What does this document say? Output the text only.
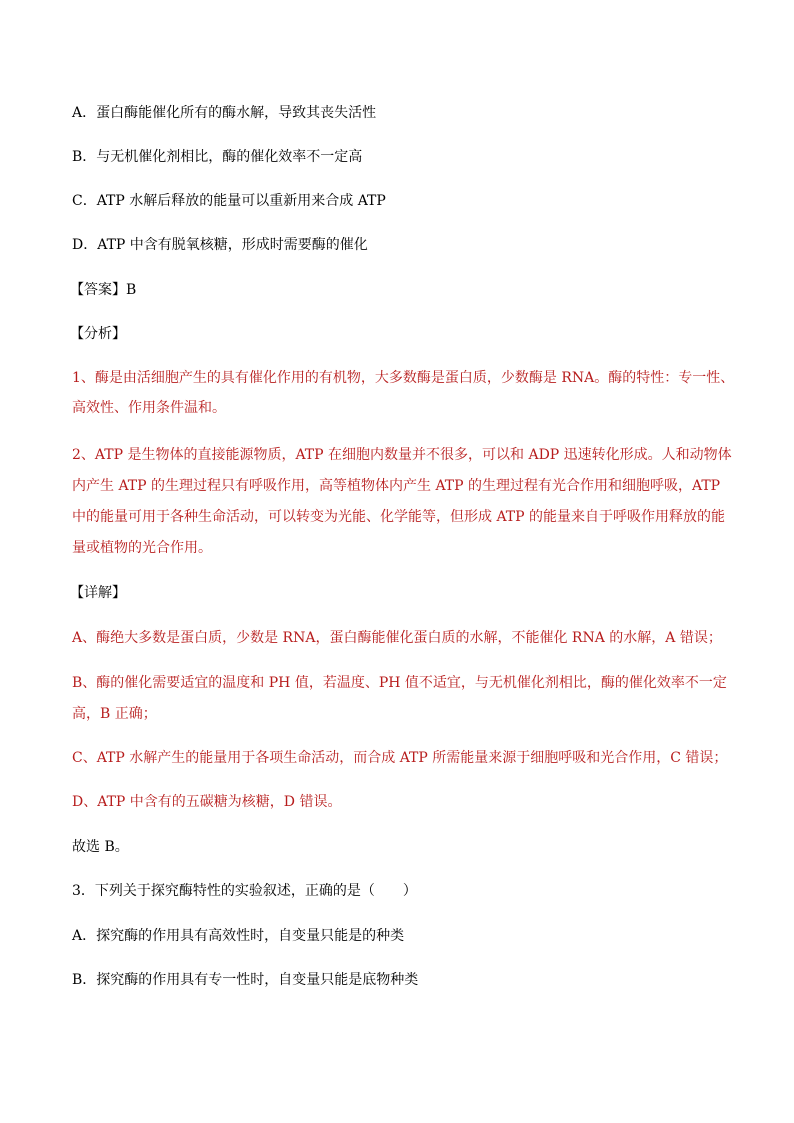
A．蛋白酶能催化所有的酶水解，导致其丧失活性
B．与无机催化剂相比，酶的催化效率不一定高
C．ATP 水解后释放的能量可以重新用来合成 ATP
D．ATP 中含有脱氧核糖，形成时需要酶的催化
【答案】B
【分析】
1、酶是由活细胞产生的具有催化作用的有机物，大多数酶是蛋白质，少数酶是 RNA。酶的特性：专一性、
高效性、作用条件温和。
2、ATP 是生物体的直接能源物质，ATP 在细胞内数量并不很多，可以和 ADP 迅速转化形成。人和动物体
内产生 ATP 的生理过程只有呼吸作用，高等植物体内产生 ATP 的生理过程有光合作用和细胞呼吸，ATP
中的能量可用于各种生命活动，可以转变为光能、化学能等，但形成 ATP 的能量来自于呼吸作用释放的能
量或植物的光合作用。
【详解】
A、酶绝大多数是蛋白质，少数是 RNA，蛋白酶能催化蛋白质的水解，不能催化 RNA 的水解，A 错误；
B、酶的催化需要适宜的温度和 PH 值，若温度、PH 值不适宜，与无机催化剂相比，酶的催化效率不一定
高，B 正确；
C、ATP 水解产生的能量用于各项生命活动，而合成 ATP 所需能量来源于细胞呼吸和光合作用，C 错误；
D、ATP 中含有的五碳糖为核糖，D 错误。
故选 B。
3．下列关于探究酶特性的实验叙述，正确的是（　　）
A．探究酶的作用具有高效性时，自变量只能是的种类
B．探究酶的作用具有专一性时，自变量只能是底物种类
